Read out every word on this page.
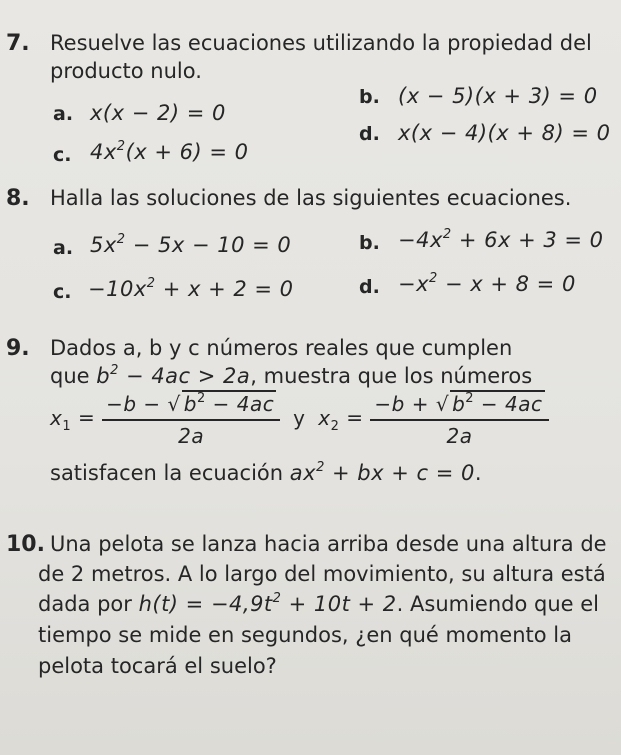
7. Resuelve las ecuaciones utilizando la propiedad del
producto nulo.
a. x(x − 2) = 0
b. (x − 5)(x + 3) = 0
c. $4x^2(x + 6) = 0$
d. x(x − 4)(x + 8) = 0
8. Halla las soluciones de las siguientes ecuaciones.
a. $5x^2 - 5x - 10 = 0$	b. $-4x^2 + 6x + 3 = 0$
c. $-10x^2 + x + 2 = 0$	d. $-x^2 - x + 8 = 0$
9. Dados a, b y c números reales que cumplen
que $b^2 - 4ac > 2a$, muestra que los números
$x_1 = \frac{-b - √ b^2 - 4ac}{2a}$ y $x_2 = \frac{-b + √ b^2 - 4ac}{2a}$
satisfacen la ecuación $ax^2$ + bx + c = 0.
10. Una pelota se lanza hacia arriba desde una altura de
de 2 metros. A lo largo del movimiento, su altura está
dada por $h(t) = -4,9t^2 + 10t + 2$. Asumiendo que el
tiempo se mide en segundos, ¿en qué momento la
pelota tocará el suelo?
